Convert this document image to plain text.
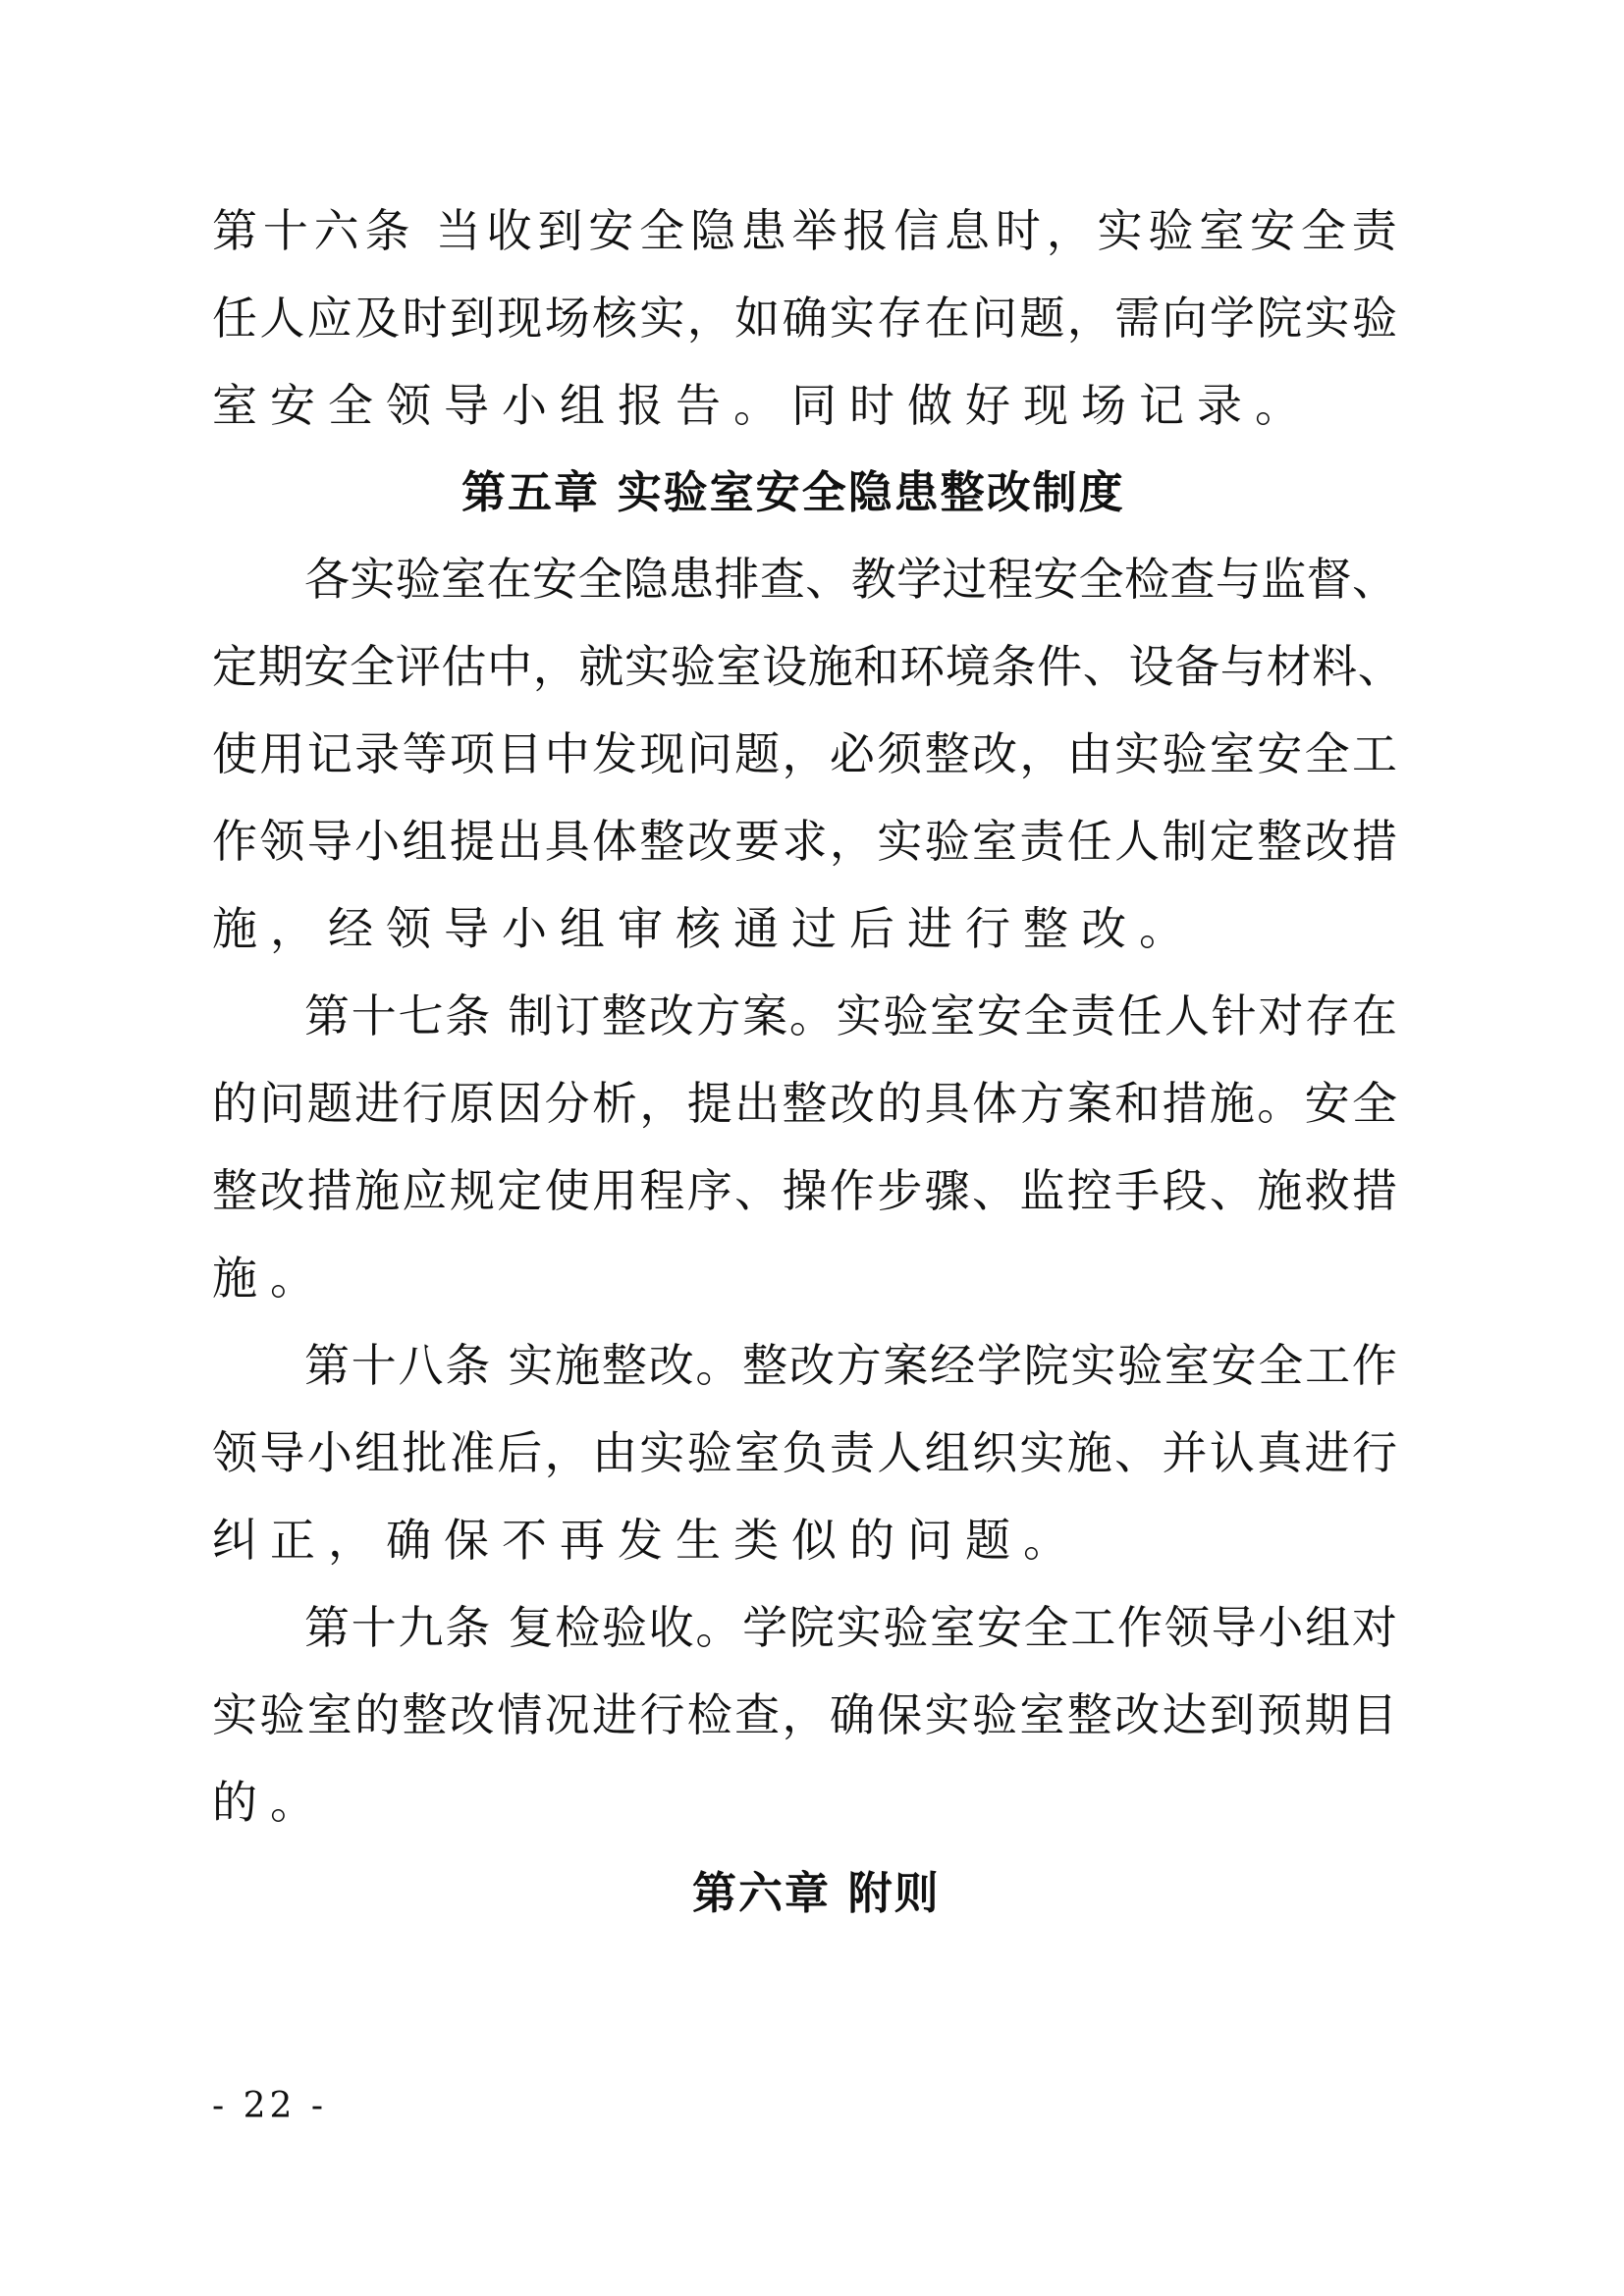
第 十 六 条
当 收 到 安 全 隐 患 举 报 信 息 时 ， 实 验 室 安 全 责
任 人 应 及 时 到 现 场 核 实 ， 如 确 实 存 在 问 题 ， 需 向 学 院 实 验
室安全领导小组报告。同时做好现场记录。
第五章 实验室安全隐患整改制度
各 实 验 室 在 安 全 隐 患 排 查 、 教 学 过 程 安 全 检 查 与 监 督 、
定 期 安 全 评 估 中 ， 就 实 验 室 设 施 和 环 境 条 件 、 设 备 与 材 料 、
使 用 记 录 等 项 目 中 发 现 问 题 ， 必 须 整 改 ， 由 实 验 室 安 全 工
作 领 导 小 组 提 出 具 体 整 改 要 求 ， 实 验 室 责 任 人 制 定 整 改 措
施，经领导小组审核通过后进行整改。
第 十 七 条
制 订 整 改 方 案 。 实 验 室 安 全 责 任 人 针 对 存 在
的 问 题 进 行 原 因 分 析 ， 提 出 整 改 的 具 体 方 案 和 措 施 。 安 全
整 改 措 施 应 规 定 使 用 程 序 、 操 作 步 骤 、 监 控 手 段 、 施 救 措
施。
第 十 八 条
实 施 整 改 。 整 改 方 案 经 学 院 实 验 室 安 全 工 作
领 导 小 组 批 准 后 ， 由 实 验 室 负 责 人 组 织 实 施 、 并 认 真 进 行
纠正，确保不再发生类似的问题。
第 十 九 条
复 检 验 收 。 学 院 实 验 室 安 全 工 作 领 导 小 组 对
实 验 室 的 整 改 情 况 进 行 检 查 ， 确 保 实 验 室 整 改 达 到 预 期 目
的。
第六章 附则
- 22 -
